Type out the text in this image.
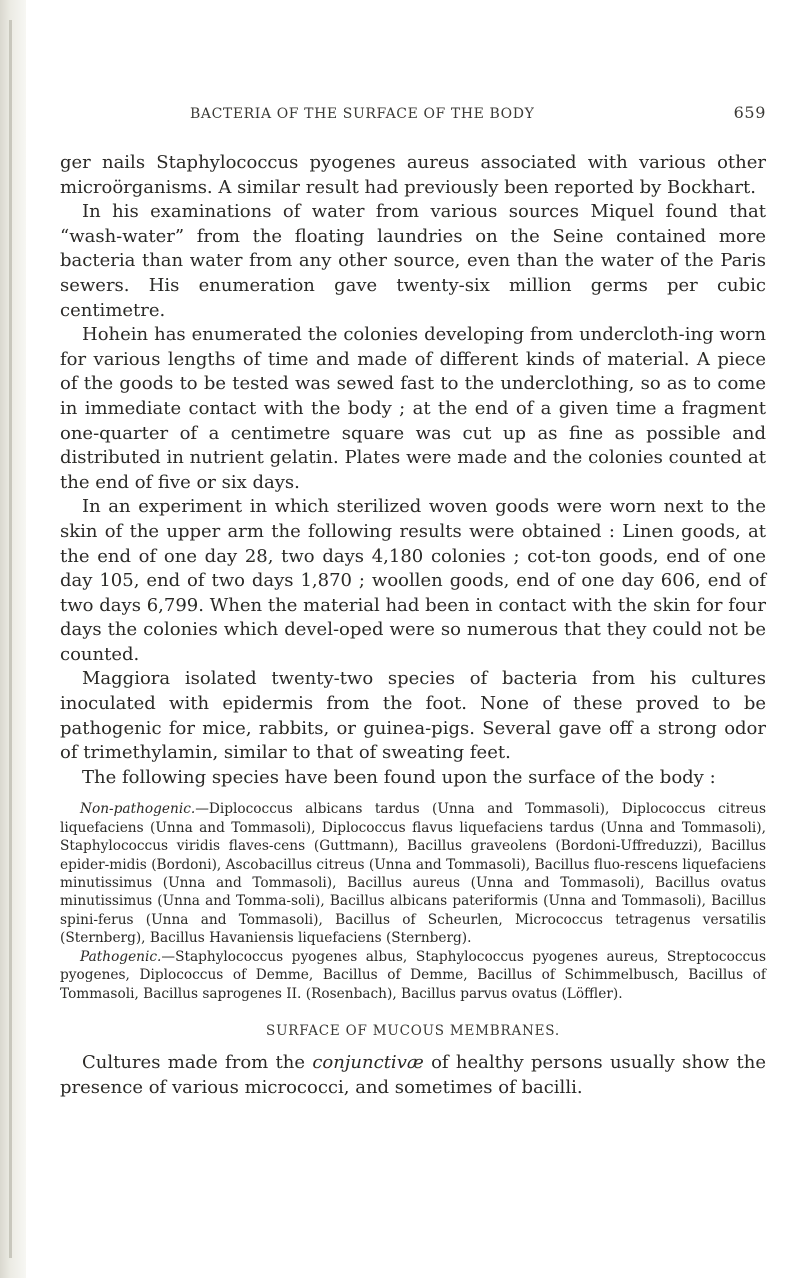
BACTERIA OF THE SURFACE OF THE BODY	659

ger nails Staphylococcus pyogenes aureus associated with various other microörganisms. A similar result had previously been reported by Bockhart.

In his examinations of water from various sources Miquel found that “wash-water” from the floating laundries on the Seine contained more bacteria than water from any other source, even than the water of the Paris sewers. His enumeration gave twenty-six million germs per cubic centimetre.

Hohein has enumerated the colonies developing from undercloth-ing worn for various lengths of time and made of different kinds of material. A piece of the goods to be tested was sewed fast to the underclothing, so as to come in immediate contact with the body ; at the end of a given time a fragment one-quarter of a centimetre square was cut up as fine as possible and distributed in nutrient gelatin. Plates were made and the colonies counted at the end of five or six days.

In an experiment in which sterilized woven goods were worn next to the skin of the upper arm the following results were obtained : Linen goods, at the end of one day 28, two days 4,180 colonies ; cot-ton goods, end of one day 105, end of two days 1,870 ; woollen goods, end of one day 606, end of two days 6,799. When the material had been in contact with the skin for four days the colonies which devel-oped were so numerous that they could not be counted.

Maggiora isolated twenty-two species of bacteria from his cultures inoculated with epidermis from the foot. None of these proved to be pathogenic for mice, rabbits, or guinea-pigs. Several gave off a strong odor of trimethylamin, similar to that of sweating feet.

The following species have been found upon the surface of the body :

Non-pathogenic.—Diplococcus albicans tardus (Unna and Tommasoli), Diplococcus citreus liquefaciens (Unna and Tommasoli), Diplococcus flavus liquefaciens tardus (Unna and Tommasoli), Staphylococcus viridis flaves-cens (Guttmann), Bacillus graveolens (Bordoni-Uffreduzzi), Bacillus epider-midis (Bordoni), Ascobacillus citreus (Unna and Tommasoli), Bacillus fluo-rescens liquefaciens minutissimus (Unna and Tommasoli), Bacillus aureus (Unna and Tommasoli), Bacillus ovatus minutissimus (Unna and Tomma-soli), Bacillus albicans pateriformis (Unna and Tommasoli), Bacillus spini-ferus (Unna and Tommasoli), Bacillus of Scheurlen, Micrococcus tetragenus versatilis (Sternberg), Bacillus Havaniensis liquefaciens (Sternberg).

Pathogenic.—Staphylococcus pyogenes albus, Staphylococcus pyogenes aureus, Streptococcus pyogenes, Diplococcus of Demme, Bacillus of Demme, Bacillus of Schimmelbusch, Bacillus of Tommasoli, Bacillus saprogenes II. (Rosenbach), Bacillus parvus ovatus (Löffler).

SURFACE OF MUCOUS MEMBRANES.

Cultures made from the conjunctivæ of healthy persons usually show the presence of various micrococci, and sometimes of bacilli.
